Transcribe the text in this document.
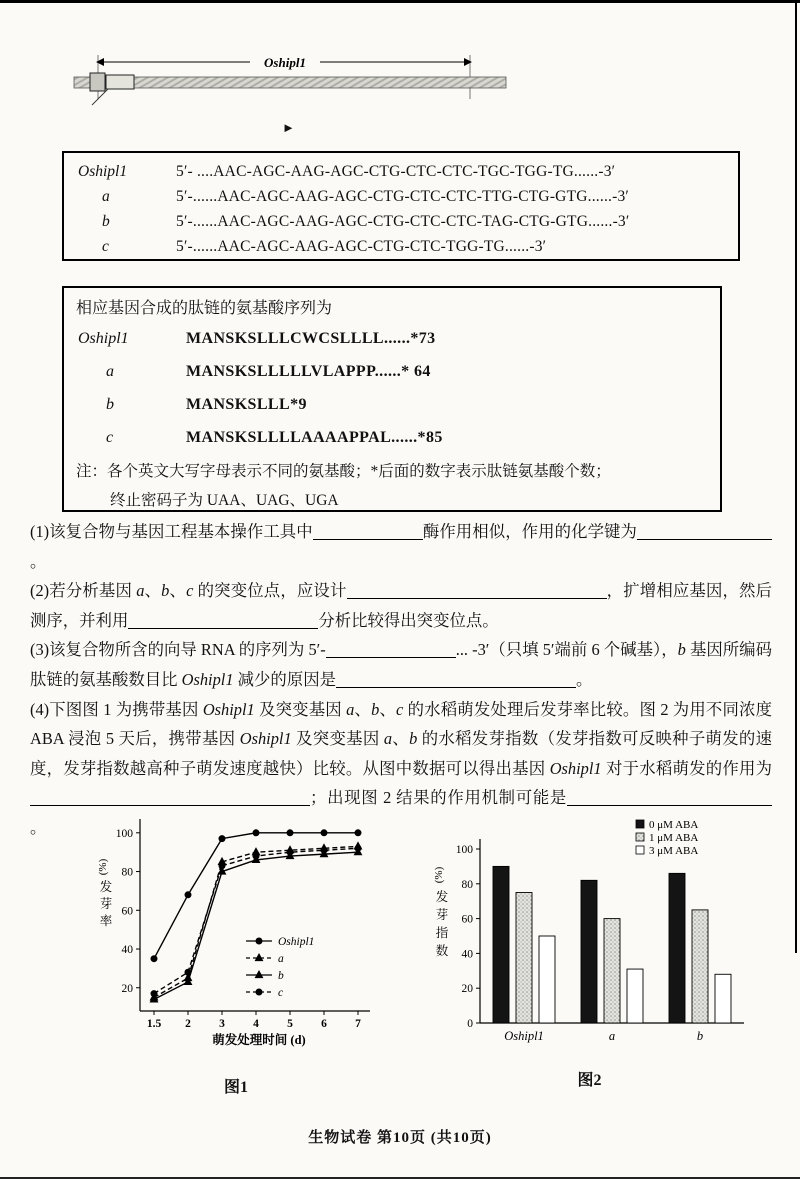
Oshipl1
►
Oshipl1	5′- ....AAC-AGC-AAG-AGC-CTG-CTC-CTC-TGC-TGG-TG......-3′
a	5′-......AAC-AGC-AAG-AGC-CTG-CTC-CTC-TTG-CTG-GTG......-3′
b	5′-......AAC-AGC-AAG-AGC-CTG-CTC-CTC-TAG-CTG-GTG......-3′
c	5′-......AAC-AGC-AAG-AGC-CTG-CTC-TGG-TG......-3′
相应基因合成的肽链的氨基酸序列为
Oshipl1	MANSKSLLLCWCSLLLL......*73
a	MANSKSLLLLLVLAPPP......* 64
b	MANSKSLLL*9
c	MANSKSLLLLAAAAPPAL......*85
注：各个英文大写字母表示不同的氨基酸；*后面的数字表示肽链氨基酸个数；
终止密码子为 UAA、UAG、UGA

(1)该复合物与基因工程基本操作工具中	酶作用相似，作用的化学键为。

(2)若分析基因 a、b、c 的突变位点，应设计	，扩增相应基因，然后测序，并利用	分析比较得出突变位点。

(3)该复合物所含的向导 RNA 的序列为 5′-	... -3′（只填 5′端前 6 个碱基），b 基因所编码肽链的氨基酸数目比 Oshipl1 减少的原因是	。

(4)下图图 1 为携带基因 Oshipl1 及突变基因 a、b、c 的水稻萌发处理后发芽率比较。图 2 为用不同浓度 ABA 浸泡 5 天后，携带基因 Oshipl1 及突变基因 a、b 的水稻发芽指数（发芽指数可反映种子萌发的速度，发芽指数越高种子萌发速度越快）比较。从图中数据可以得出基因 Oshipl1 对于水稻萌发的作用为 ；出现图 2 结果的作用机制可能是。

20
40
60
80
100
1.5 2 3 4 5 6 7
萌发处理时间 (d)
(%)
发
芽
率
Oshipl1
a
b
c
图1
0
20
40
60
80
100
Oshipl1	a	b
0 μM ABA
1 μM ABA
3 μM ABA
(%)
发
芽
指
数
图2
生物试卷 第10页 (共10页)
